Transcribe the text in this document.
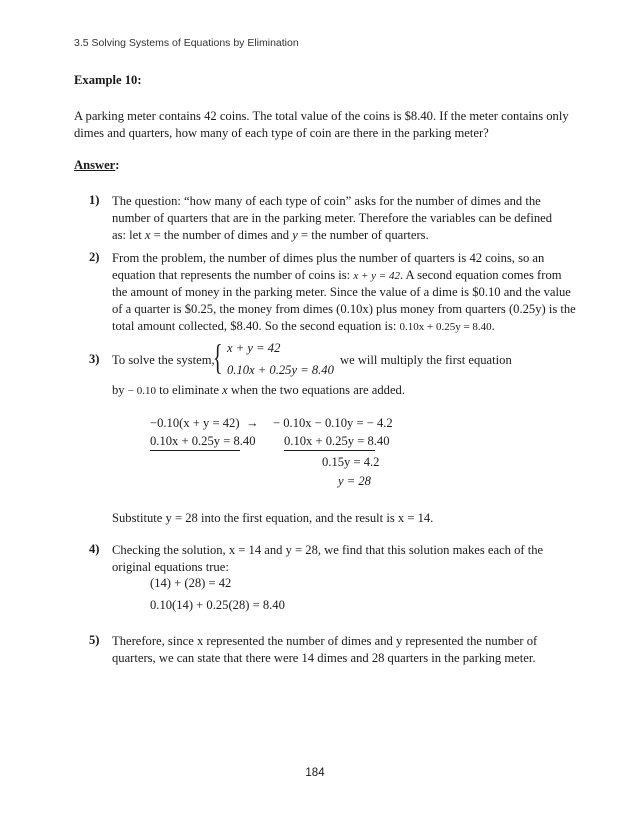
3.5 Solving Systems of Equations by Elimination
Example 10:
A parking meter contains 42 coins. The total value of the coins is $8.40. If the meter contains only
dimes and quarters, how many of each type of coin are there in the parking meter?
Answer:
1) The question: “how many of each type of coin” asks for the number of dimes and the
number of quarters that are in the parking meter. Therefore the variables can be defined
as: let x = the number of dimes and y = the number of quarters.
2) From the problem, the number of dimes plus the number of quarters is 42 coins, so an
equation that represents the number of coins is: x + y = 42. A second equation comes from
the amount of money in the parking meter. Since the value of a dime is $0.10 and the value
of a quarter is $0.25, the money from dimes (0.10x) plus money from quarters (0.25y) is the
total amount collected, $8.40. So the second equation is: 0.10x + 0.25y = 8.40.
3) To solve the system,
{ x + y = 42
0.10x + 0.25y = 8.40
we will multiply the first equation
by − 0.10 to eliminate x when the two equations are added.
−0.10(x + y = 42) →
0.10x + 0.25y = 8.40
− 0.10x − 0.10y = − 4.2
0.10x + 0.25y = 8.40
0.15y = 4.2
y = 28
Substitute y = 28 into the first equation, and the result is x = 14.
4) Checking the solution, x = 14 and y = 28, we find that this solution makes each of the
original equations true:
(14) + (28) = 42
0.10(14) + 0.25(28) = 8.40
5) Therefore, since x represented the number of dimes and y represented the number of
quarters, we can state that there were 14 dimes and 28 quarters in the parking meter.
184
